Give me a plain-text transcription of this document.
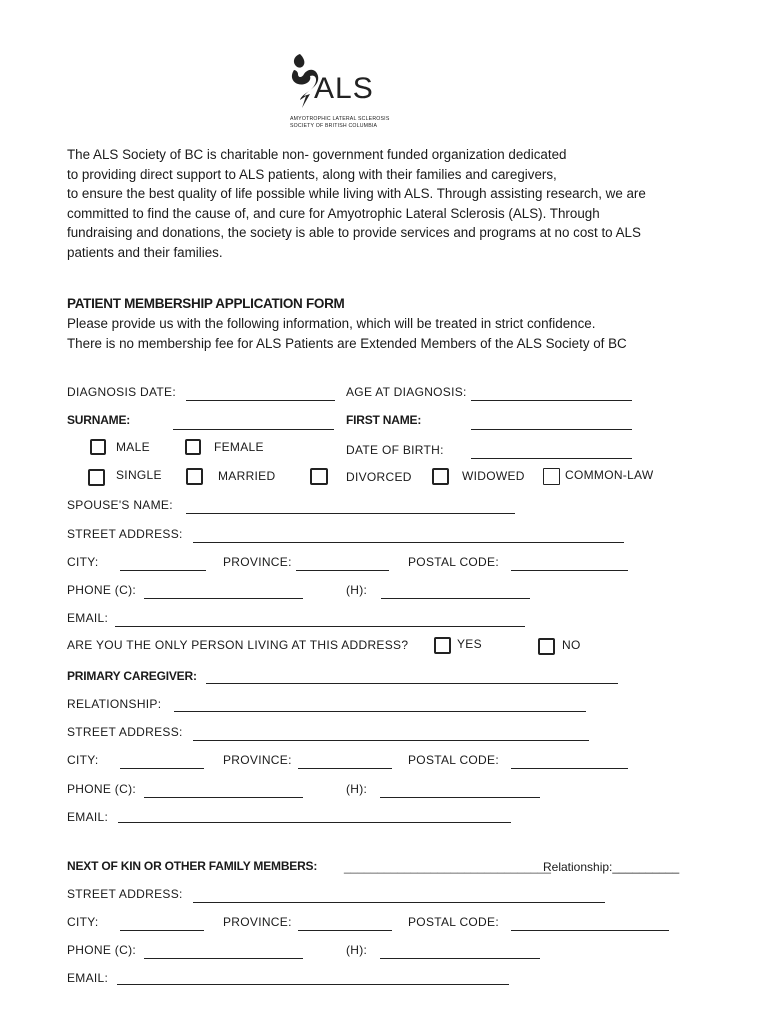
ALS
AMYOTROPHIC LATERAL SCLEROSIS
SOCIETY OF BRITISH COLUMBIA
The ALS Society of BC is charitable non- government funded organization dedicated
to providing direct support to ALS patients, along with their families and caregivers,
to ensure the best quality of life possible while living with ALS. Through assisting research, we are
committed to find the cause of, and cure for Amyotrophic Lateral Sclerosis (ALS). Through
fundraising and donations, the society is able to provide services and programs at no cost to ALS
patients and their families.
PATIENT MEMBERSHIP APPLICATION FORM
Please provide us with the following information, which will be treated in strict confidence.
There is no membership fee for ALS Patients are Extended Members of the ALS Society of BC
DIAGNOSIS DATE:	AGE AT DIAGNOSIS:
SURNAME:	FIRST NAME:
MALE	FEMALE	DATE OF BIRTH:
SINGLE	MARRIED	DIVORCED	WIDOWED	COMMON-LAW
SPOUSE'S NAME:
STREET ADDRESS:
CITY:	PROVINCE:	POSTAL CODE:
PHONE (C):	(H):
EMAIL:
ARE YOU THE ONLY PERSON LIVING AT THIS ADDRESS?	YES	NO
PRIMARY CAREGIVER:
RELATIONSHIP:
STREET ADDRESS:
CITY:	PROVINCE:	POSTAL CODE:
PHONE (C):	(H):
EMAIL:
NEXT OF KIN OR OTHER FAMILY MEMBERS: _______________________________
Relationship:__________
STREET ADDRESS:
CITY:	PROVINCE:	POSTAL CODE:
PHONE (C):	(H):
EMAIL:
